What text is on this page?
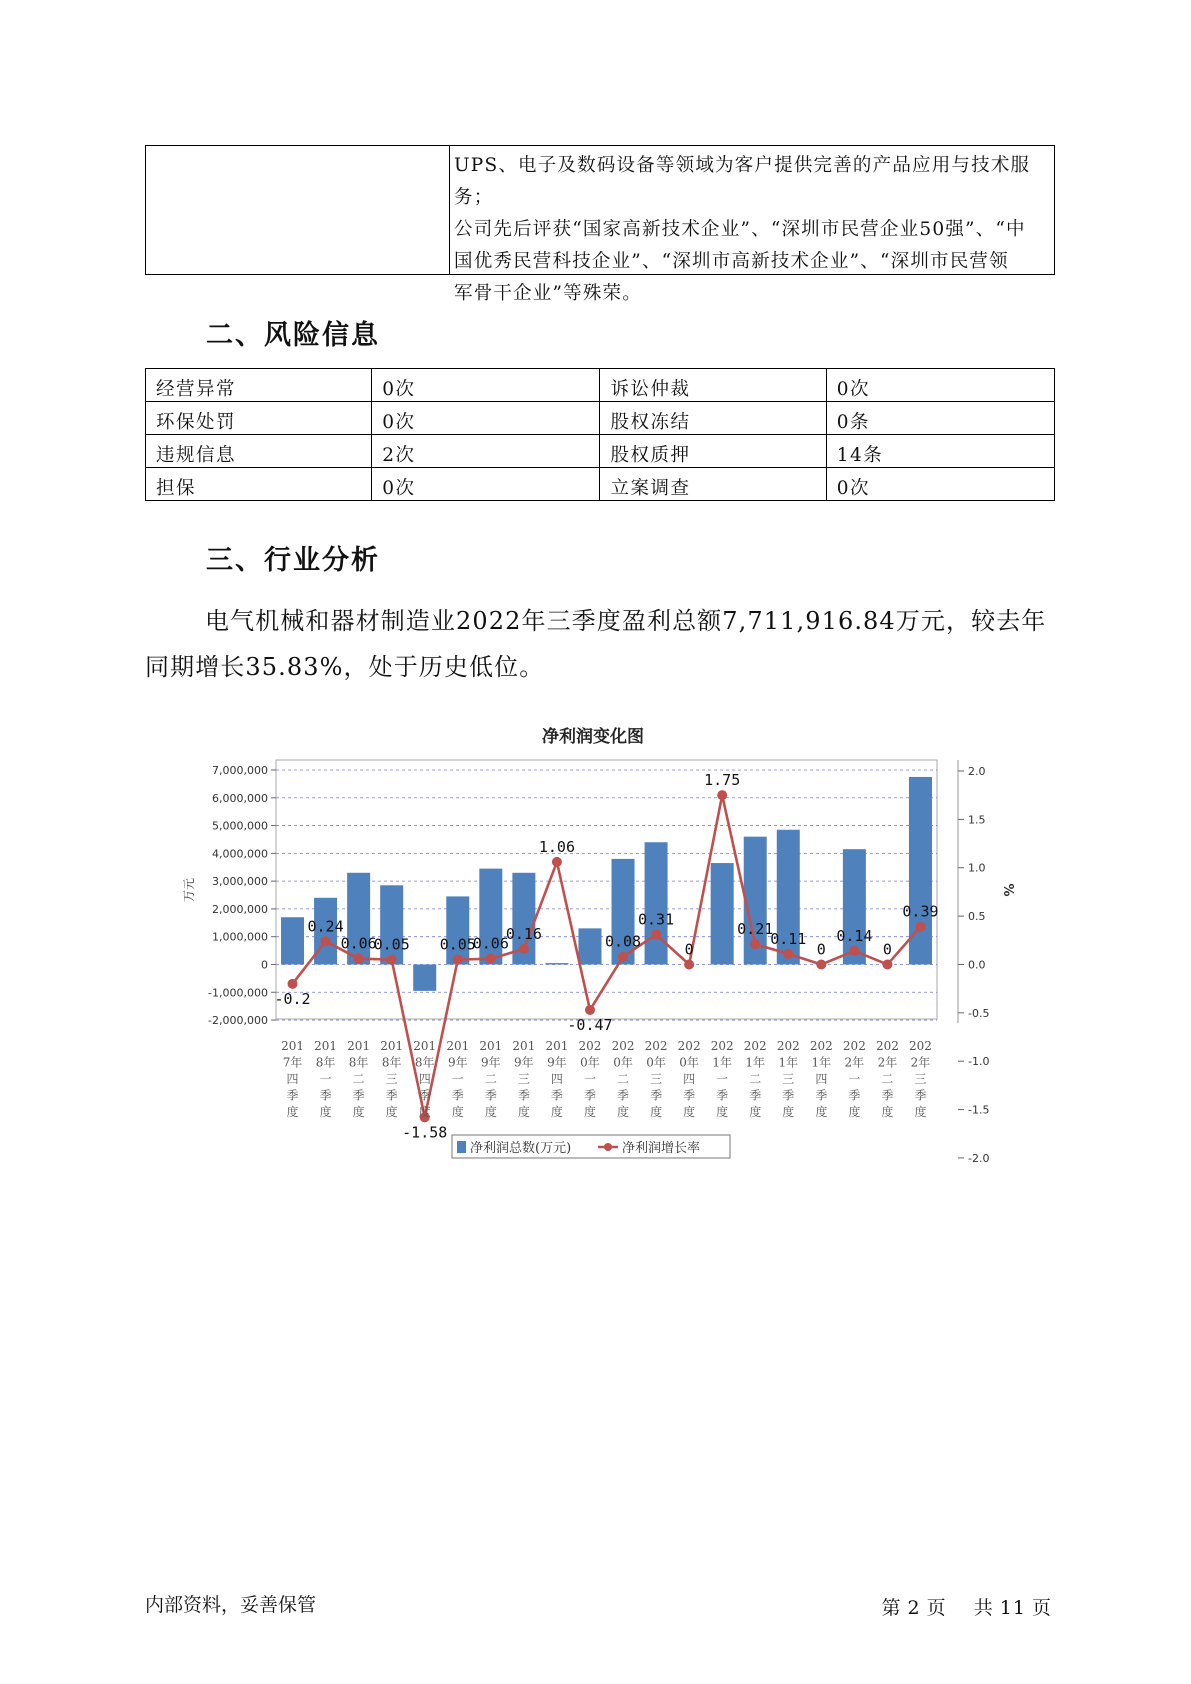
UPS、电子及数码设备等领域为客户提供完善的产品应用与技术服务；
公司先后评获“国家高新技术企业”、“深圳市民营企业50强”、“中
国优秀民营科技企业”、“深圳市高新技术企业”、“深圳市民营领
军骨干企业”等殊荣。
二、风险信息
经营异常	0次	诉讼仲裁	0次
环保处罚	0次	股权冻结	0条
违规信息	2次	股权质押	14条
担保	0次	立案调查	0次
三、行业分析

电气机械和器材制造业2022年三季度盈利总额7,711,916.84万元，较去年同期增长35.83%，处于历史低位。

净利润变化图
7,000,000
6,000,000
5,000,000
4,000,000
3,000,000
2,000,000
1,000,000
0
-1,000,000
-2,000,000
2.0
1.5
1.0
0.5
0.0
-0.5
-1.0
-1.5
-2.0
万元	%
-0.2
0.24
0.06
0.05
-1.58
0.05
0.06
0.16
1.06
-0.47
0.08
0.31
0
1.75
0.21
0.11
0
0.14
0
0.39
201
7年
四
季
度
201
8年
一
季
度
201
8年
二
季
度
201
8年
三
季
度
201
8年
四
季
度
201
9年
一
季
度
201
9年
二
季
度
201
9年
三
季
度
201
9年
四
季
度
202
0年
一
季
度
202
0年
二
季
度
202
0年
三
季
度
202
0年
四
季
度
202
1年
一
季
度
202
1年
二
季
度
202
1年
三
季
度
202
1年
四
季
度
202
2年
一
季
度
202
2年
二
季
度
202
2年
三
季
度
净利润总数(万元)	净利润增长率
内部资料，妥善保管	第 2 页 共 11 页
